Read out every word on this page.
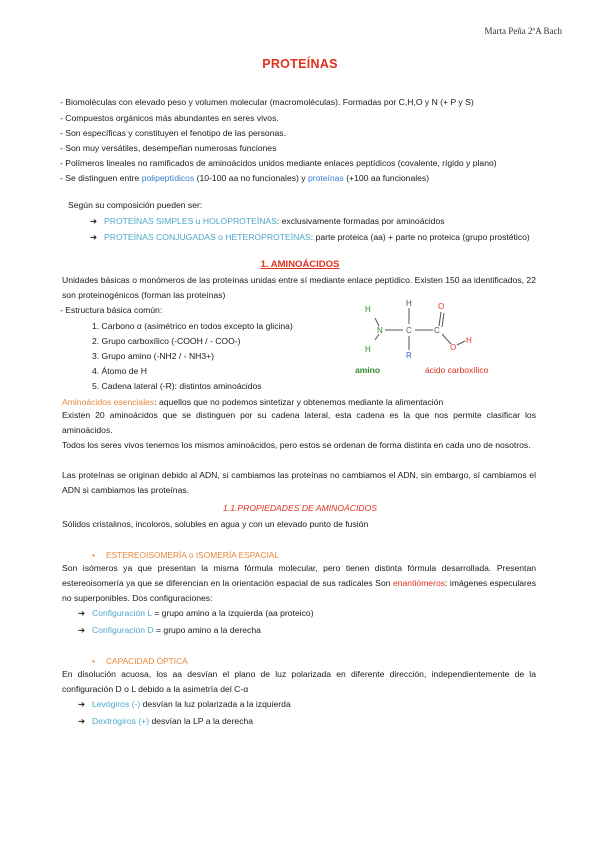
Marta Peña 2ºA Bach
PROTEÍNAS
- Biomoléculas con elevado peso y volumen molecular (macromoléculas). Formadas por C,H,O y N (+ P y S)
- Compuestos orgánicos más abundantes en seres vivos.
- Son específicas y constituyen el fenotipo de las personas.
- Son muy versátiles, desempeñan numerosas funciones
- Polímeros lineales no ramificados de aminoácidos unidos mediante enlaces peptídicos (covalente, rígido y plano)
- Se distinguen entre polipeptídicos (10-100 aa no funcionales) y proteínas (+100 aa funcionales)
Según su composición pueden ser:
➔ PROTEÍNAS SIMPLES u HOLOPROTEÍNAS: exclusivamente formadas por aminoácidos
➔ PROTEÍNAS CONJUGADAS o HETEROPROTEÍNAS: parte proteica (aa) + parte no proteica (grupo prostético)
1. AMINOÁCIDOS
Unidades básicas o monómeros de las proteínas unidas entre sí mediante enlace peptídico. Existen 150 aa identificados, 22 son proteinogénicos (forman las proteínas)
- Estructura básica común:
1. Carbono α (asimétrico en todos excepto la glicina)
2. Grupo carboxílico (-COOH / - COO-)
3. Grupo amino (-NH2 / - NH3+)
4. Átomo de H
5. Cadena lateral (-R): distintos aminoácidos
H
H
N
H
C
R
C
O
O
H
amino	ácido carboxílico
Aminoácidos esenciales: aquellos que no podemos sintetizar y obtenemos mediante la alimentación
Existen 20 aminoácidos que se distinguen por su cadena lateral, esta cadena es la que nos permite clasificar los aminoácidos.
Todos los seres vivos tenemos los mismos aminoácidos, pero estos se ordenan de forma distinta en cada uno de nosotros.
Las proteínas se originan debido al ADN, si cambiamos las proteínas no cambiamos el ADN, sin embargo, sí cambiamos el ADN si cambiamos las proteínas.
1.1.PROPIEDADES DE AMINOÁCIDOS
Sólidos cristalinos, incoloros, solubles en agua y con un elevado punto de fusión
• ESTEREOISOMERÍA o ISOMERÍA ESPACIAL
Son isómeros ya que presentan la misma fórmula molecular, pero tienen distinta fórmula desarrollada. Presentan estereoisomería ya que se diferencian en la orientación espacial de sus radicales Son enantiómeros: imágenes especulares no superponibles. Dos configuraciones:
➔ Configuración L = grupo amino a la izquierda (aa proteico)
➔ Configuración D = grupo amino a la derecha
• CAPACIDAD ÓPTICA
En disolución acuosa, los aa desvían el plano de luz polarizada en diferente dirección, independientemente de la configuración D o L debido a la asimetría del C-α
➔ Levógiros (-) desvían la luz polarizada a la izquierda
➔ Dextrógiros (+) desvían la LP a la derecha
